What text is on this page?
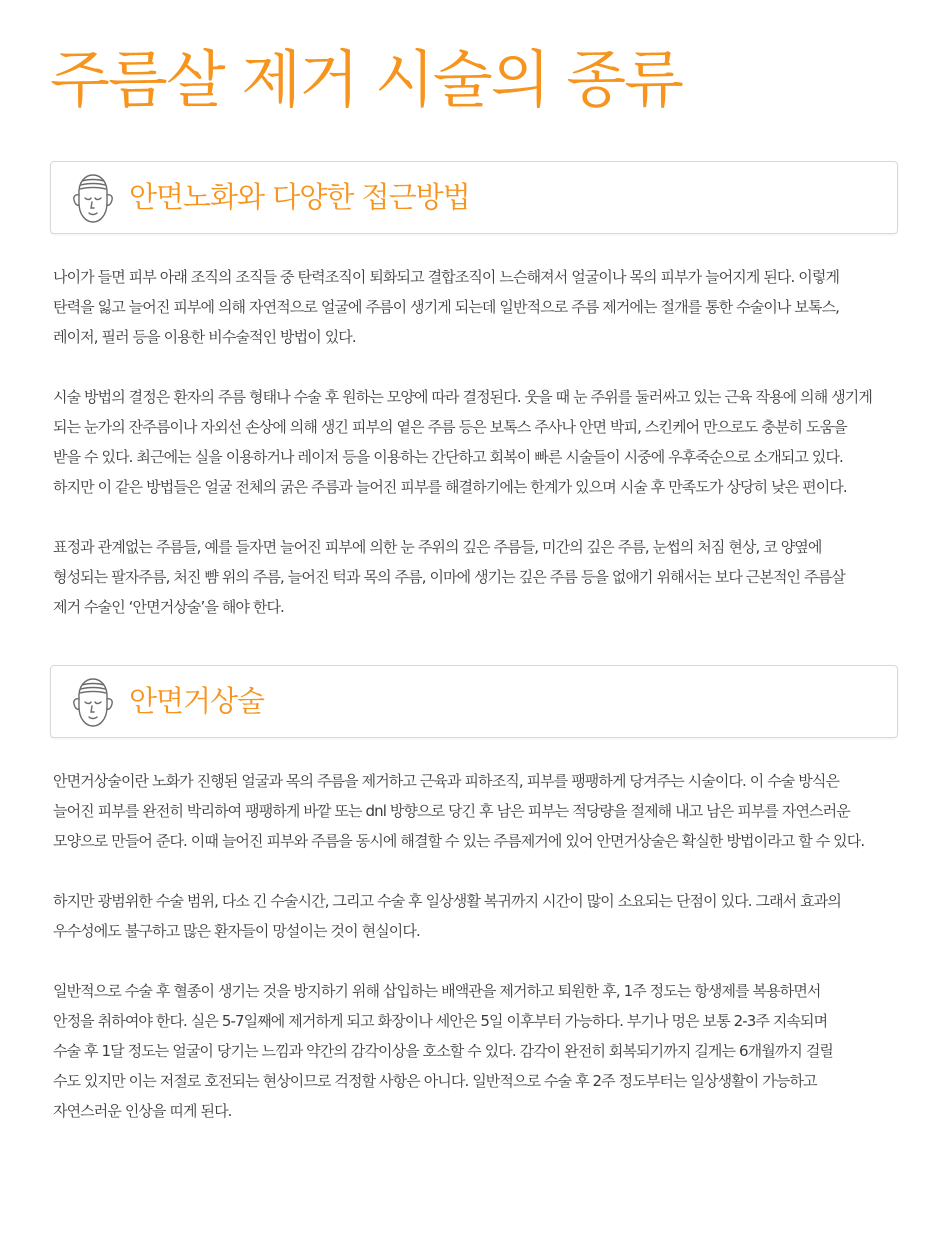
주름살 제거 시술의 종류
안면노화와 다양한 접근방법

나이가 들면 피부 아래 조직의 조직들 중 탄력조직이 퇴화되고 결합조직이 느슨해져서 얼굴이나 목의 피부가 늘어지게 된다. 이렇게
탄력을 잃고 늘어진 피부에 의해 자연적으로 얼굴에 주름이 생기게 되는데 일반적으로 주름 제거에는 절개를 통한 수술이나 보톡스,
레이저, 필러 등을 이용한 비수술적인 방법이 있다.

시술 방법의 결정은 환자의 주름 형태나 수술 후 원하는 모양에 따라 결정된다. 웃을 때 눈 주위를 둘러싸고 있는 근육 작용에 의해 생기게
되는 눈가의 잔주름이나 자외선 손상에 의해 생긴 피부의 옅은 주름 등은 보톡스 주사나 안면 박피, 스킨케어 만으로도 충분히 도움을
받을 수 있다. 최근에는 실을 이용하거나 레이저 등을 이용하는 간단하고 회복이 빠른 시술들이 시중에 우후죽순으로 소개되고 있다.
하지만 이 같은 방법들은 얼굴 전체의 굵은 주름과 늘어진 피부를 해결하기에는 한계가 있으며 시술 후 만족도가 상당히 낮은 편이다.

표정과 관계없는 주름들, 예를 들자면 늘어진 피부에 의한 눈 주위의 깊은 주름들, 미간의 깊은 주름, 눈썹의 처짐 현상, 코 양옆에
형성되는 팔자주름, 처진 뺨 위의 주름, 늘어진 턱과 목의 주름, 이마에 생기는 깊은 주름 등을 없애기 위해서는 보다 근본적인 주름살
제거 수술인 ‘안면거상술’을 해야 한다.

안면거상술

안면거상술이란 노화가 진행된 얼굴과 목의 주름을 제거하고 근육과 피하조직, 피부를 팽팽하게 당겨주는 시술이다. 이 수술 방식은
늘어진 피부를 완전히 박리하여 팽팽하게 바깥 또는 dnl 방향으로 당긴 후 남은 피부는 적당량을 절제해 내고 남은 피부를 자연스러운
모양으로 만들어 준다. 이때 늘어진 피부와 주름을 동시에 해결할 수 있는 주름제거에 있어 안면거상술은 확실한 방법이라고 할 수 있다.

하지만 광범위한 수술 범위, 다소 긴 수술시간, 그리고 수술 후 일상생활 복귀까지 시간이 많이 소요되는 단점이 있다. 그래서 효과의
우수성에도 불구하고 많은 환자들이 망설이는 것이 현실이다.

일반적으로 수술 후 혈종이 생기는 것을 방지하기 위해 삽입하는 배액관을 제거하고 퇴원한 후, 1주 정도는 항생제를 복용하면서
안정을 취하여야 한다. 실은 5-7일째에 제거하게 되고 화장이나 세안은 5일 이후부터 가능하다. 부기나 멍은 보통 2-3주 지속되며
수술 후 1달 정도는 얼굴이 당기는 느낌과 약간의 감각이상을 호소할 수 있다. 감각이 완전히 회복되기까지 길게는 6개월까지 걸릴
수도 있지만 이는 저절로 호전되는 현상이므로 걱정할 사항은 아니다. 일반적으로 수술 후 2주 정도부터는 일상생활이 가능하고
자연스러운 인상을 띠게 된다.
